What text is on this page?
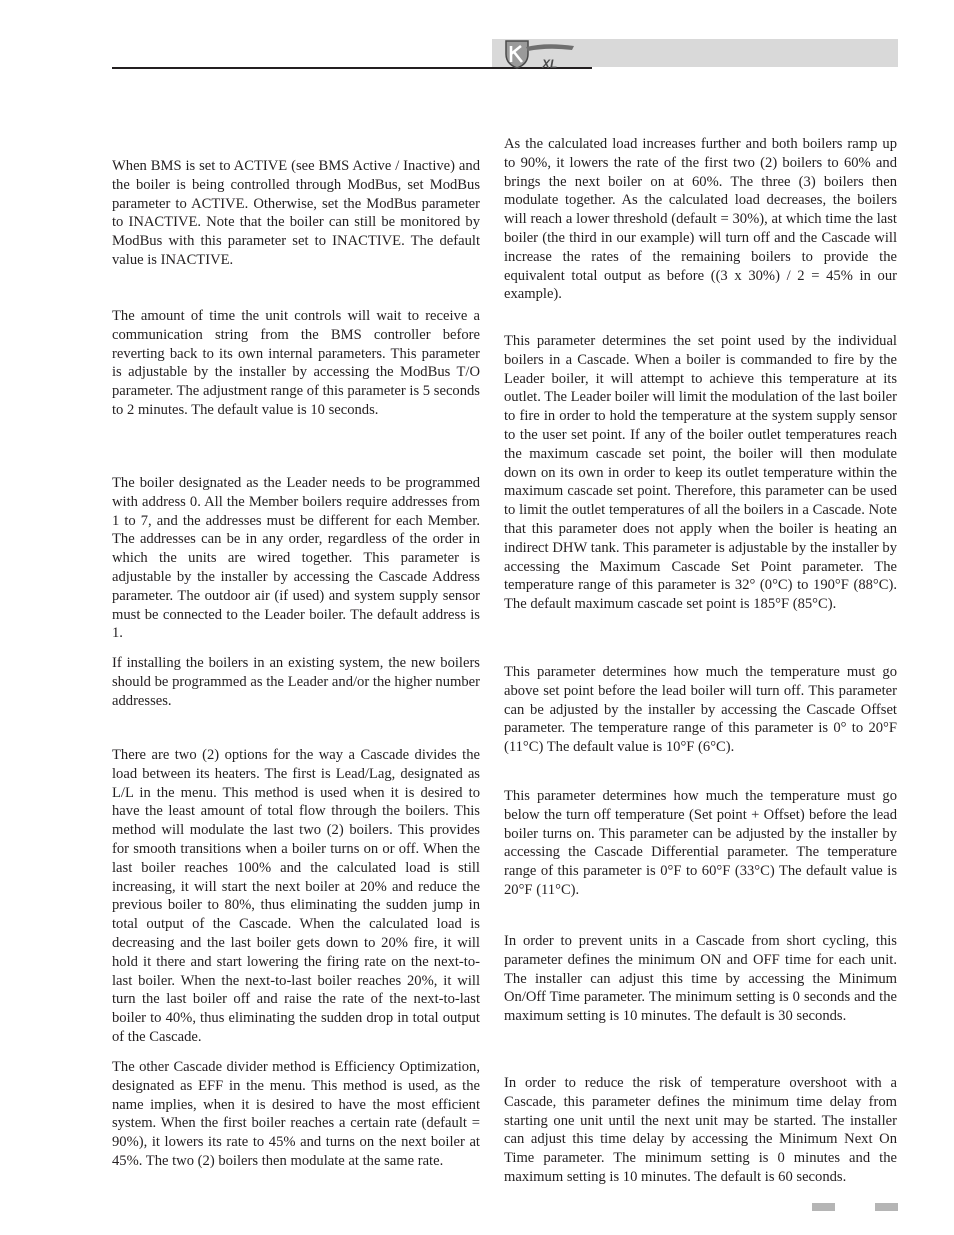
XL

When BMS is set to ACTIVE (see BMS Active / Inactive) and the boiler is being controlled through ModBus, set ModBus parameter to ACTIVE. Otherwise, set the ModBus parameter to INACTIVE. Note that the boiler can still be monitored by ModBus with this parameter set to INACTIVE. The default value is INACTIVE.

The amount of time the unit controls will wait to receive a communication string from the BMS controller before reverting back to its own internal parameters. This parameter is adjustable by the installer by accessing the ModBus T/O parameter. The adjustment range of this parameter is 5 seconds to 2 minutes. The default value is 10 seconds.

The boiler designated as the Leader needs to be programmed with address 0. All the Member boilers require addresses from 1 to 7, and the addresses must be different for each Member. The addresses can be in any order, regardless of the order in which the units are wired together. This parameter is adjustable by the installer by accessing the Cascade Address parameter. The outdoor air (if used) and system supply sensor must be connected to the Leader boiler. The default address is 1.

If installing the boilers in an existing system, the new boilers should be programmed as the Leader and/or the higher number addresses.

There are two (2) options for the way a Cascade divides the load between its heaters. The first is Lead/Lag, designated as L/L in the menu. This method is used when it is desired to have the least amount of total flow through the boilers. This method will modulate the last two (2) boilers. This provides for smooth transitions when a boiler turns on or off. When the last boiler reaches 100% and the calculated load is still increasing, it will start the next boiler at 20% and reduce the previous boiler to 80%, thus eliminating the sudden jump in total output of the Cascade. When the calculated load is decreasing and the last boiler gets down to 20% fire, it will hold it there and start lowering the firing rate on the next-to-last boiler. When the next-to-last boiler reaches 20%, it will turn the last boiler off and raise the rate of the next-to-last boiler to 40%, thus eliminating the sudden drop in total output of the Cascade.

The other Cascade divider method is Efficiency Optimization, designated as EFF in the menu. This method is used, as the name implies, when it is desired to have the most efficient system. When the first boiler reaches a certain rate (default = 90%), it lowers its rate to 45% and turns on the next boiler at 45%. The two (2) boilers then modulate at the same rate.

As the calculated load increases further and both boilers ramp up to 90%, it lowers the rate of the first two (2) boilers to 60% and brings the next boiler on at 60%. The three (3) boilers then modulate together. As the calculated load decreases, the boilers will reach a lower threshold (default = 30%), at which time the last boiler (the third in our example) will turn off and the Cascade will increase the rates of the remaining boilers to provide the equivalent total output as before ((3 x 30%) / 2 = 45% in our example).

This parameter determines the set point used by the individual boilers in a Cascade. When a boiler is commanded to fire by the Leader boiler, it will attempt to achieve this temperature at its outlet. The Leader boiler will limit the modulation of the last boiler to fire in order to hold the temperature at the system supply sensor to the user set point. If any of the boiler outlet temperatures reach the maximum cascade set point, the boiler will then modulate down on its own in order to keep its outlet temperature within the maximum cascade set point. Therefore, this parameter can be used to limit the outlet temperatures of all the boilers in a Cascade. Note that this parameter does not apply when the boiler is heating an indirect DHW tank. This parameter is adjustable by the installer by accessing the Maximum Cascade Set Point parameter. The temperature range of this parameter is 32° (0°C) to 190°F (88°C). The default maximum cascade set point is 185°F (85°C).

This parameter determines how much the temperature must go above set point before the lead boiler will turn off. This parameter can be adjusted by the installer by accessing the Cascade Offset parameter. The temperature range of this parameter is 0° to 20°F (11°C) The default value is 10°F (6°C).

This parameter determines how much the temperature must go below the turn off temperature (Set point + Offset) before the lead boiler turns on. This parameter can be adjusted by the installer by accessing the Cascade Differential parameter. The temperature range of this parameter is 0°F to 60°F (33°C) The default value is 20°F (11°C).

In order to prevent units in a Cascade from short cycling, this parameter defines the minimum ON and OFF time for each unit. The installer can adjust this time by accessing the Minimum On/Off Time parameter. The minimum setting is 0 seconds and the maximum setting is 10 minutes. The default is 30 seconds.

In order to reduce the risk of temperature overshoot with a Cascade, this parameter defines the minimum time delay from starting one unit until the next unit may be started. The installer can adjust this time delay by accessing the Minimum Next On Time parameter. The minimum setting is 0 minutes and the maximum setting is 10 minutes. The default is 60 seconds.
